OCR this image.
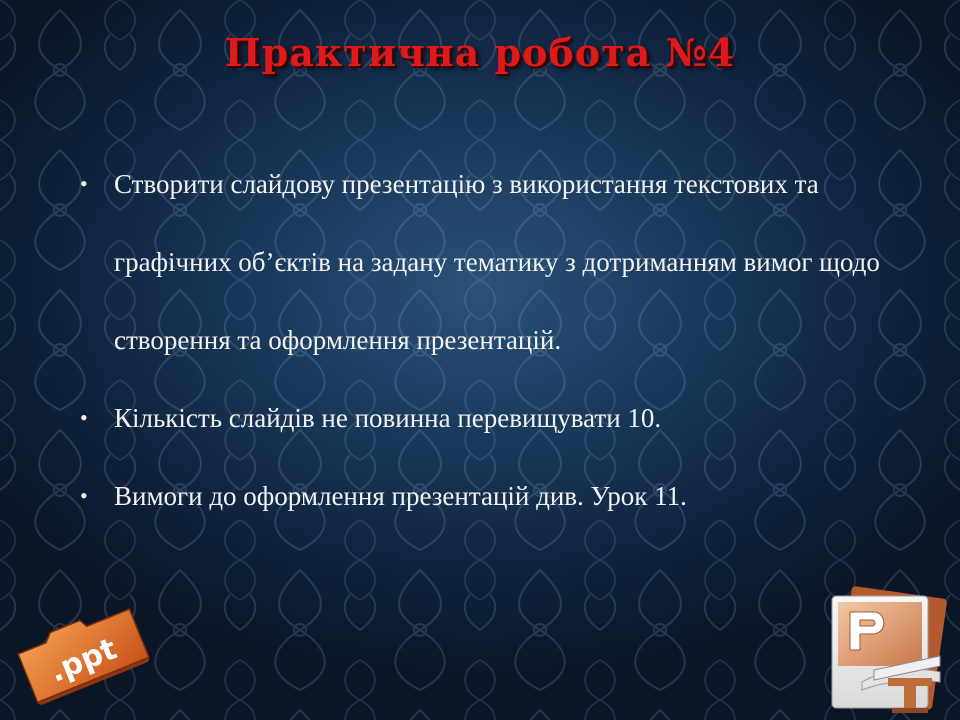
Практична робота №4
• Створити слайдову презентацію з використання текстових та графічних об’єктів на задану тематику з дотриманням вимог щодо створення та оформлення презентацій.
• Кількість слайдів не повинна перевищувати 10.
• Вимоги до оформлення презентацій див. Урок 11.
.ppt
